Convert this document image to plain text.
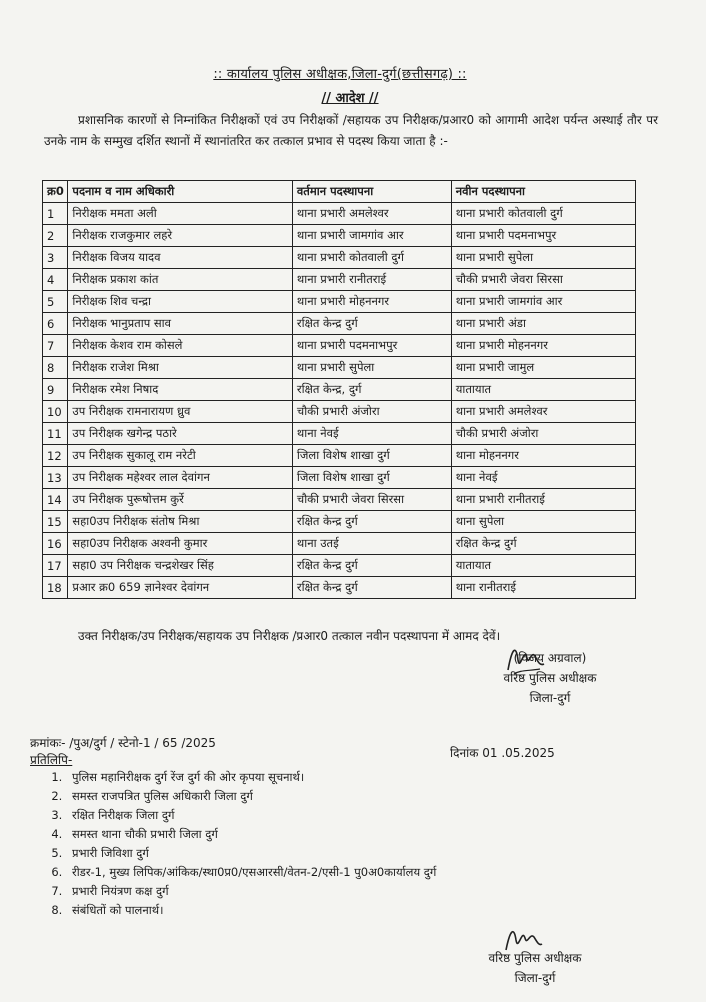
:: कार्यालय पुलिस अधीक्षक,जिला-दुर्ग(छत्तीसगढ़) ::
// आदेश //
प्रशासनिक कारणों से निम्नांकित निरीक्षकों एवं उप निरीक्षकों /सहायक उप निरीक्षक/प्रआर0 को आगामी आदेश पर्यन्त अस्थाई तौर पर उनके नाम के सम्मुख दर्शित स्थानों में स्थानांतरित कर तत्काल प्रभाव से पदस्थ किया जाता है :-
क्र0	पदनाम व नाम अधिकारी	वर्तमान पदस्थापना	नवीन पदस्थापना
1	निरीक्षक ममता अली	थाना प्रभारी अमलेश्वर	थाना प्रभारी कोतवाली दुर्ग
2	निरीक्षक राजकुमार लहरे	थाना प्रभारी जामगांव आर	थाना प्रभारी पदमनाभपुर
3	निरीक्षक विजय यादव	थाना प्रभारी कोतवाली दुर्ग	थाना प्रभारी सुपेला
4	निरीक्षक प्रकाश कांत	थाना प्रभारी रानीतराई	चौकी प्रभारी जेवरा सिरसा
5	निरीक्षक शिव चन्द्रा	थाना प्रभारी मोहननगर	थाना प्रभारी जामगांव आर
6	निरीक्षक भानुप्रताप साव	रक्षित केन्द्र दुर्ग	थाना प्रभारी अंडा
7	निरीक्षक केशव राम कोसले	थाना प्रभारी पदमनाभपुर	थाना प्रभारी मोहननगर
8	निरीक्षक राजेश मिश्रा	थाना प्रभारी सुपेला	थाना प्रभारी जामुल
9	निरीक्षक रमेश निषाद	रक्षित केन्द्र, दुर्ग	यातायात
10	उप निरीक्षक रामनारायण ध्रुव	चौकी प्रभारी अंजोरा	थाना प्रभारी अमलेश्वर
11	उप निरीक्षक खगेन्द्र पठारे	थाना नेवई	चौकी प्रभारी अंजोरा
12	उप निरीक्षक सुकालू राम नरेटी	जिला विशेष शाखा दुर्ग	थाना मोहननगर
13	उप निरीक्षक महेश्वर लाल देवांगन	जिला विशेष शाखा दुर्ग	थाना नेवई
14	उप निरीक्षक पुरूषोत्तम कुर्रे	चौकी प्रभारी जेवरा सिरसा	थाना प्रभारी रानीतराई
15	सहा0उप निरीक्षक संतोष मिश्रा	रक्षित केन्द्र दुर्ग	थाना सुपेला
16	सहा0उप निरीक्षक अश्वनी कुमार	थाना उतई	रक्षित केन्द्र दुर्ग
17	सहा0 उप निरीक्षक चन्द्रशेखर सिंह	रक्षित केन्द्र दुर्ग	यातायात
18	प्रआर क्र0 659 ज्ञानेश्वर देवांगन	रक्षित केन्द्र दुर्ग	थाना रानीतराई
उक्त निरीक्षक/उप निरीक्षक/सहायक उप निरीक्षक /प्रआर0 तत्काल नवीन पदस्थापना में आमद देवें।
(विजय अग्रवाल)
वरिष्ठ पुलिस अधीक्षक
जिला-दुर्ग
क्रमांकः- /पुअ/दुर्ग / स्टेनो-1 / 65 /2025
दिनांक 01 .05.2025
प्रतिलिपि-
1. पुलिस महानिरीक्षक दुर्ग रेंज दुर्ग की ओर कृपया सूचनार्थ।
2. समस्त राजपत्रित पुलिस अधिकारी जिला दुर्ग
3. रक्षित निरीक्षक जिला दुर्ग
4. समस्त थाना चौकी प्रभारी जिला दुर्ग
5. प्रभारी जिविशा दुर्ग
6. रीडर-1, मुख्य लिपिक/आंकिक/स्था0प्र0/एसआरसी/वेतन-2/एसी-1 पु0अ0कार्यालय दुर्ग
7. प्रभारी नियंत्रण कक्ष दुर्ग
8. संबंधितों को पालनार्थ।
वरिष्ठ पुलिस अधीक्षक
जिला-दुर्ग
